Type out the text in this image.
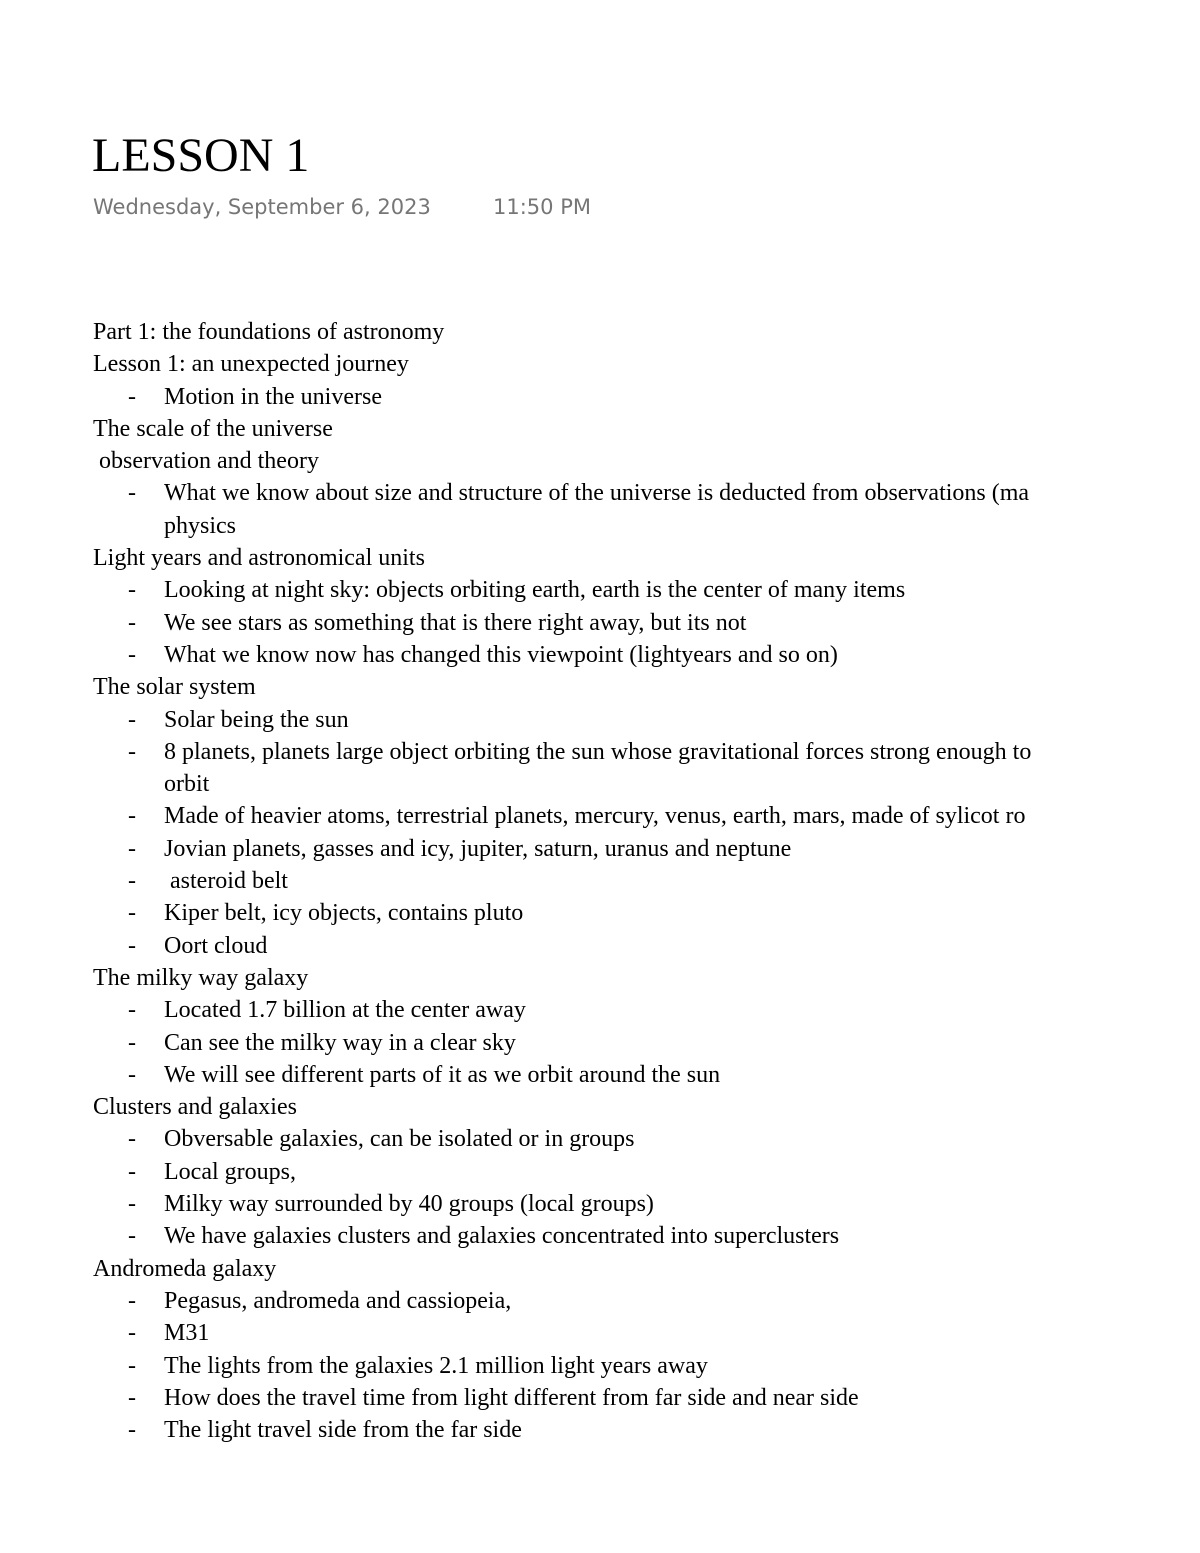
LESSON 1
Wednesday, September 6, 2023	11:50 PM
Part 1: the foundations of astronomy
Lesson 1: an unexpected journey
- Motion in the universe
The scale of the universe
observation and theory
- What we know about size and structure of the universe is deducted from observations (ma
physics
Light years and astronomical units
- Looking at night sky: objects orbiting earth, earth is the center of many items
- We see stars as something that is there right away, but its not
- What we know now has changed this viewpoint (lightyears and so on)
The solar system
- Solar being the sun
- 8 planets, planets large object orbiting the sun whose gravitational forces strong enough to
orbit
- Made of heavier atoms, terrestrial planets, mercury, venus, earth, mars, made of sylicot ro
- Jovian planets, gasses and icy, jupiter, saturn, uranus and neptune
- asteroid belt
- Kiper belt, icy objects, contains pluto
- Oort cloud
The milky way galaxy
- Located 1.7 billion at the center away
- Can see the milky way in a clear sky
- We will see different parts of it as we orbit around the sun
Clusters and galaxies
- Obversable galaxies, can be isolated or in groups
- Local groups,
- Milky way surrounded by 40 groups (local groups)
- We have galaxies clusters and galaxies concentrated into superclusters
Andromeda galaxy
- Pegasus, andromeda and cassiopeia,
- M31
- The lights from the galaxies 2.1 million light years away
- How does the travel time from light different from far side and near side
- The light travel side from the far side
